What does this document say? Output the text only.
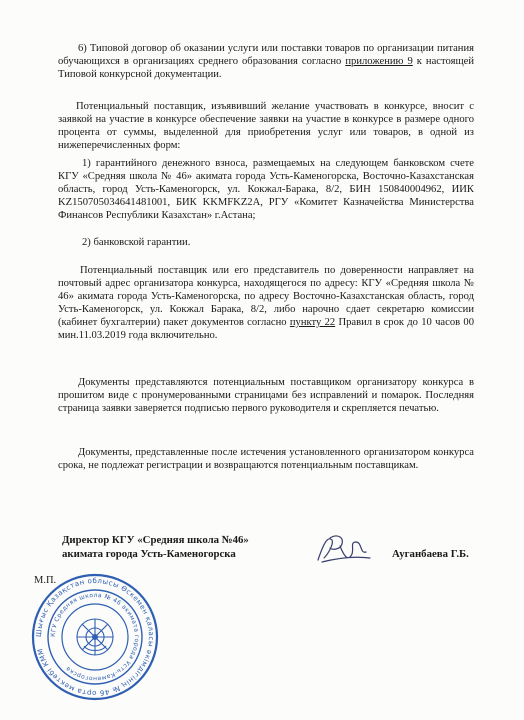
6) Типовой договор об оказании услуги или поставки товаров по организации питания обучающихся в организациях среднего образования согласно приложению 9 к настоящей Типовой конкурсной документации.

Потенциальный поставщик, изъявивший желание участвовать в конкурсе, вносит с заявкой на участие в конкурсе обеспечение заявки на участие в конкурсе в размере одного процента от суммы, выделенной для приобретения услуг или товаров, в одной из нижеперечисленных форм:

1) гарантийного денежного взноса, размещаемых на следующем банковском счете КГУ «Средняя школа № 46» акимата города Усть-Каменогорска, Восточно-Казахстанская область, город Усть-Каменогорск, ул. Кокжал-Барака, 8/2, БИН 150840004962, ИИК KZ150705034641481001, БИК KKMFKZ2A, РГУ «Комитет Казначейства Министерства Финансов Республики Казахстан» г.Астана;

2) банковской гарантии.

Потенциальный поставщик или его представитель по доверенности направляет на почтовый адрес организатора конкурса, находящегося по адресу: КГУ «Средняя школа № 46» акимата города Усть-Каменогорска, по адресу Восточно-Казахстанская область, город Усть-Каменогорск, ул. Кокжал Барака, 8/2, либо нарочно сдает секретарю комиссии (кабинет бухгалтерии) пакет документов согласно пункту 22 Правил в срок до 10 часов 00 мин.11.03.2019 года включительно.

Документы представляются потенциальным поставщиком организатору конкурса в прошитом виде с пронумерованными страницами без исправлений и помарок. Последняя страница заявки заверяется подписью первого руководителя и скрепляется печатью.

Документы, представленные после истечения установленного организатором конкурса срока, не подлежат регистрации и возвращаются потенциальным поставщикам.

Директор КГУ «Средняя школа №46»
акимата города Усть-Каменогорска	Ауганбаева Г.Б.
М.П.
Шығыс Қазақстан облысы Өскемен қаласы әкімдігінің № 46 орта мектебі КММ
КГУ Средняя школа № 46 акимата города Усть-Каменогорска
